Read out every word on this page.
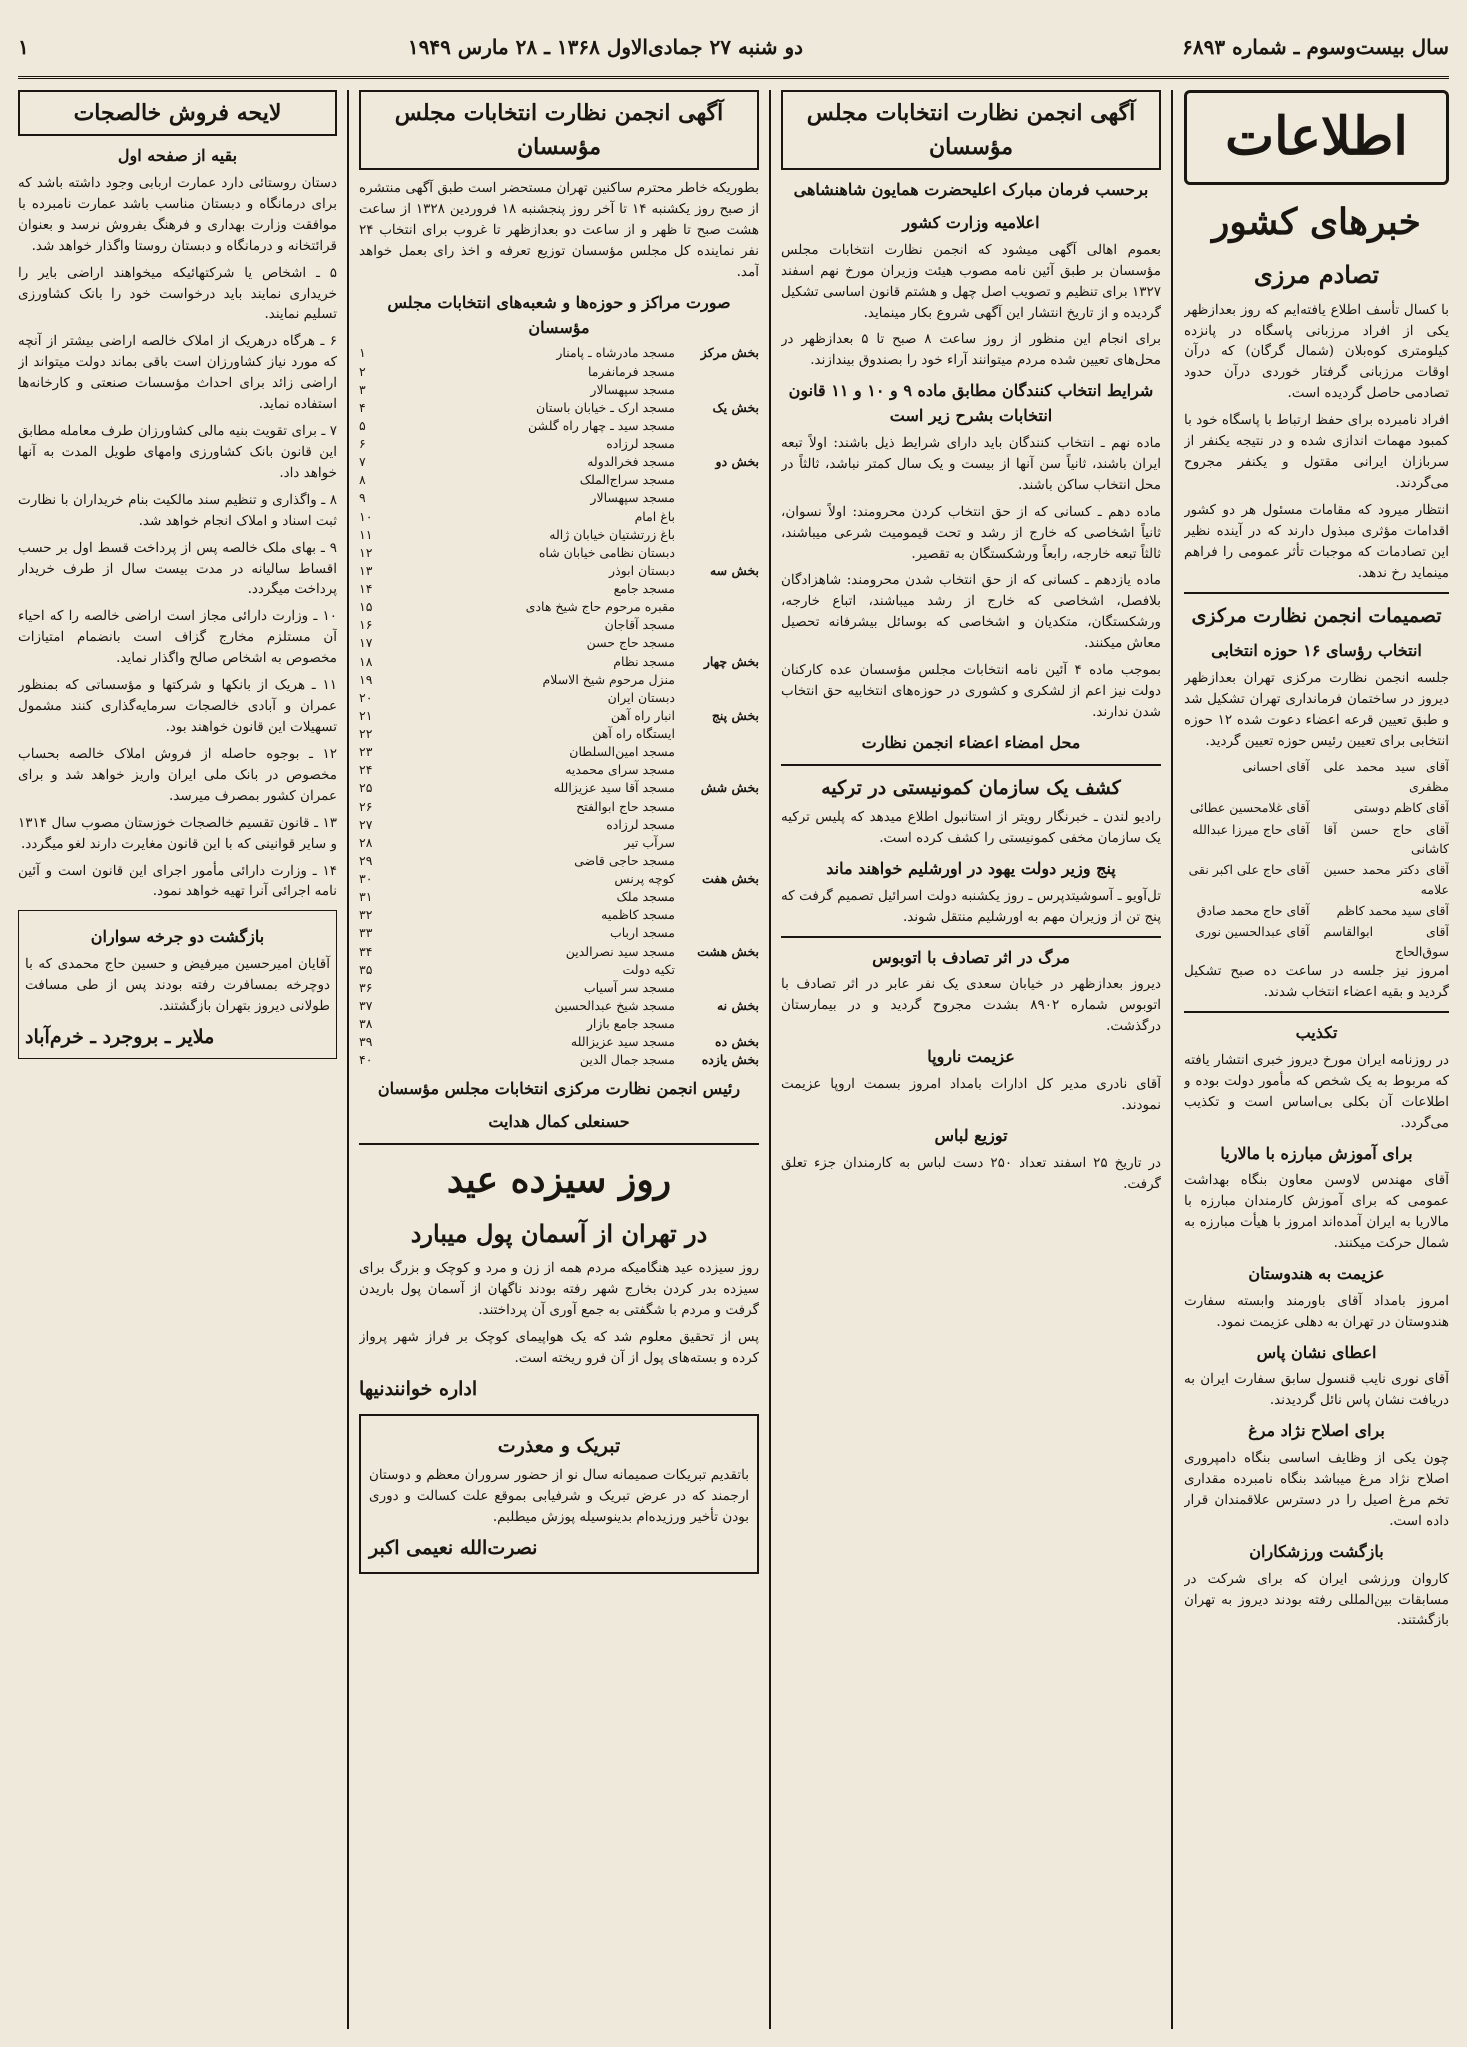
سال بیست‌وسوم ـ شماره ۶۸۹۳
دو شنبه ۲۷ جمادی‌الاول ۱۳۶۸ ـ ۲۸ مارس ۱۹۴۹
۱
اطلاعات
خبرهای کشور
تصادم مرزی

با کسال تأسف اطلاع یافته‌ایم که روز بعدازظهر یکی از افراد مرزبانی پاسگاه در پانزده کیلومتری کوه‌بلان (شمال گرگان) که درآن اوقات مرزبانی گرفتار خوردی درآن حدود تصادمی حاصل گردیده است.

افراد نامبرده برای حفظ ارتباط با پاسگاه خود با کمبود مهمات اندازی شده و در نتیجه یکنفر از سربازان ایرانی مقتول و یکنفر مجروح می‌گردند.

انتظار میرود که مقامات مسئول هر دو کشور اقدامات مؤثری مبذول دارند که در آینده نظیر این تصادمات که موجبات تأثر عمومی را فراهم مینماید رخ ندهد.

تصمیمات انجمن نظارت مرکزی
انتخاب رؤسای ۱۶ حوزه انتخابی

جلسه انجمن نظارت مرکزی تهران بعدازظهر دیروز در ساختمان فرمانداری تهران تشکیل شد و طبق تعیین قرعه اعضاء دعوت شده ۱۲ حوزه انتخابی برای تعیین رئیس حوزه تعیین گردید.

آقای سید محمد علی مظفری
آقای احسانی
آقای کاظم دوستی
آقای غلامحسین عطائی
آقای حاج حسن آقا کاشانی
آقای حاج میرزا عبدالله
آقای دکتر محمد حسین علامه
آقای حاج علی اکبر نقی
آقای سید محمد کاظم
آقای حاج محمد صادق
آقای ابوالقاسم سوق‌الحاج
آقای عبدالحسین نوری

امروز نیز جلسه در ساعت ده صبح تشکیل گردید و بقیه اعضاء انتخاب شدند.

تکذیب

در روزنامه ایران مورخ دیروز خبری انتشار یافته که مربوط به یک شخص که مأمور دولت بوده و اطلاعات آن بکلی بی‌اساس است و تکذیب می‌گردد.

برای آموزش مبارزه با مالاریا

آقای مهندس لاوسن معاون بنگاه بهداشت عمومی که برای آموزش کارمندان مبارزه با مالاریا به ایران آمده‌اند امروز با هیأت مبارزه به شمال حرکت میکنند.

عزیمت به هندوستان

امروز بامداد آقای باورمند وابسته سفارت هندوستان در تهران به دهلی عزیمت نمود.

اعطای نشان پاس

آقای نوری نایب قنسول سابق سفارت ایران به دریافت نشان پاس نائل گردیدند.

برای اصلاح نژاد مرغ

چون یکی از وظایف اساسی بنگاه دامپروری اصلاح نژاد مرغ میباشد بنگاه نامبرده مقداری تخم مرغ اصیل را در دسترس علاقمندان قرار داده است.

بازگشت ورزشکاران

کاروان ورزشی ایران که برای شرکت در مسابقات بین‌المللی رفته بودند دیروز به تهران بازگشتند.

آگهی انجمن نظارت انتخابات مجلس مؤسسان
برحسب فرمان مبارک اعلیحضرت همایون شاهنشاهی
اعلامیه وزارت کشور

بعموم اهالی آگهی میشود که انجمن نظارت انتخابات مجلس مؤسسان بر طبق آئین نامه مصوب هیئت وزیران مورخ نهم اسفند ۱۳۲۷ برای تنظیم و تصویب اصل چهل و هشتم قانون اساسی تشکیل گردیده و از تاریخ انتشار این آگهی شروع بکار مینماید.

برای انجام این منظور از روز ساعت ۸ صبح تا ۵ بعدازظهر در محل‌های تعیین شده مردم میتوانند آراء خود را بصندوق بیندازند.

شرایط انتخاب کنندگان مطابق ماده ۹ و ۱۰ و ۱۱ قانون انتخابات بشرح زیر است

ماده نهم ـ انتخاب کنندگان باید دارای شرایط ذیل باشند: اولاً تبعه ایران باشند، ثانیاً سن آنها از بیست و یک سال کمتر نباشد، ثالثاً در محل انتخاب ساکن باشند.

ماده دهم ـ کسانی که از حق انتخاب کردن محرومند: اولاً نسوان، ثانیاً اشخاصی که خارج از رشد و تحت قیمومیت شرعی میباشند، ثالثاً تبعه خارجه، رابعاً ورشکستگان به تقصیر.

ماده یازدهم ـ کسانی که از حق انتخاب شدن محرومند: شاهزادگان بلافصل، اشخاصی که خارج از رشد میباشند، اتباع خارجه، ورشکستگان، متکدیان و اشخاصی که بوسائل بیشرفانه تحصیل معاش میکنند.

بموجب ماده ۴ آئین نامه انتخابات مجلس مؤسسان عده کارکنان دولت نیز اعم از لشکری و کشوری در حوزه‌های انتخابیه حق انتخاب شدن ندارند.

محل امضاء اعضاء انجمن نظارت
کشف یک سازمان کمونیستی در ترکیه

رادیو لندن ـ خبرنگار رویتر از استانبول اطلاع میدهد که پلیس ترکیه یک سازمان مخفی کمونیستی را کشف کرده است.

پنج وزیر دولت یهود در اورشلیم خواهند ماند

تل‌آویو ـ آسوشیتدپرس ـ روز یکشنبه دولت اسرائیل تصمیم گرفت که پنج تن از وزیران مهم به اورشلیم منتقل شوند.

مرگ در اثر تصادف با اتوبوس

دیروز بعدازظهر در خیابان سعدی یک نفر عابر در اثر تصادف با اتوبوس شماره ۸۹۰۲ بشدت مجروح گردید و در بیمارستان درگذشت.

عزیمت ناروپا

آقای نادری مدیر کل ادارات بامداد امروز بسمت اروپا عزیمت نمودند.

توزیع لباس

در تاریخ ۲۵ اسفند تعداد ۲۵۰ دست لباس به کارمندان جزء تعلق گرفت.

آگهی انجمن نظارت انتخابات مجلس مؤسسان

بطوریکه خاطر محترم ساکنین تهران مستحضر است طبق آگهی منتشره از صبح روز یکشنبه ۱۴ تا آخر روز پنجشنبه ۱۸ فروردین ۱۳۲۸ از ساعت هشت صبح تا ظهر و از ساعت دو بعدازظهر تا غروب برای انتخاب ۲۴ نفر نماینده کل مجلس مؤسسان توزیع تعرفه و اخذ رای بعمل خواهد آمد.

صورت مراکز و حوزه‌ها و شعبه‌های انتخابات مجلس مؤسسان
بخش مرکز
مسجد مادرشاه ـ پامنار
۱
مسجد فرمانفرما
۲
مسجد سپهسالار
۳
بخش یک
مسجد ارک ـ خیابان باستان
۴
مسجد سید ـ چهار راه گلشن
۵
مسجد لرزاده
۶
بخش دو
مسجد فخرالدوله
۷
مسجد سراج‌الملک
۸
مسجد سپهسالار
۹
باغ امام
۱۰
باغ زرتشتیان خیابان ژاله
۱۱
دبستان نظامی خیابان شاه
۱۲
بخش سه
دبستان ابوذر
۱۳
مسجد جامع
۱۴
مقبره مرحوم حاج شیخ هادی
۱۵
مسجد آقاجان
۱۶
مسجد حاج حسن
۱۷
بخش چهار
مسجد نظام
۱۸
منزل مرحوم شیخ الاسلام
۱۹
دبستان ایران
۲۰
بخش پنج
انبار راه آهن
۲۱
ایستگاه راه آهن
۲۲
مسجد امین‌السلطان
۲۳
مسجد سرای محمدیه
۲۴
بخش شش
مسجد آقا سید عزیزالله
۲۵
مسجد حاج ابوالفتح
۲۶
مسجد لرزاده
۲۷
سرآب تیر
۲۸
مسجد حاجی قاضی
۲۹
بخش هفت
کوچه پرنس
۳۰
مسجد ملک
۳۱
مسجد کاظمیه
۳۲
مسجد ارباب
۳۳
بخش هشت
مسجد سید نصرالدین
۳۴
تکیه دولت
۳۵
مسجد سر آسیاب
۳۶
بخش نه
مسجد شیخ عبدالحسین
۳۷
مسجد جامع بازار
۳۸
بخش ده
مسجد سید عزیزالله
۳۹
بخش یازده
مسجد جمال الدین
۴۰
رئیس انجمن نظارت مرکزی انتخابات مجلس مؤسسان
حسنعلی کمال هدایت
روز سیزده عید
در تهران از آسمان پول میبارد

روز سیزده عید هنگامیکه مردم همه از زن و مرد و کوچک و بزرگ برای سیزده بدر کردن بخارج شهر رفته بودند ناگهان از آسمان پول باریدن گرفت و مردم با شگفتی به جمع آوری آن پرداختند.

پس از تحقیق معلوم شد که یک هواپیمای کوچک بر فراز شهر پرواز کرده و بسته‌های پول از آن فرو ریخته است.

اداره خوانندنیها
تبریک و معذرت

باتقدیم تبریکات صمیمانه سال نو از حضور سروران معظم و دوستان ارجمند که در عرض تبریک و شرفیابی بموقع علت کسالت و دوری بودن تأخیر ورزیده‌ام بدینوسیله پوزش میطلبم.

نصرت‌الله نعیمی اکبر
لایحه فروش خالصجات
بقیه از صفحه اول

دستان روستائی دارد عمارت اربابی وجود داشته باشد که برای درمانگاه و دبستان مناسب باشد عمارت نامبرده با موافقت وزارت بهداری و فرهنگ بفروش نرسد و بعنوان قرائتخانه و درمانگاه و دبستان روستا واگذار خواهد شد.

۵ ـ اشخاص یا شرکتهائیکه میخواهند اراضی بایر را خریداری نمایند باید درخواست خود را بانک کشاورزی تسلیم نمایند.

۶ ـ هرگاه درهریک از املاک خالصه اراضی بیشتر از آنچه که مورد نیاز کشاورزان است باقی بماند دولت میتواند از اراضی زائد برای احداث مؤسسات صنعتی و کارخانه‌ها استفاده نماید.

۷ ـ برای تقویت بنیه مالی کشاورزان طرف معامله مطابق این قانون بانک کشاورزی وامهای طویل المدت به آنها خواهد داد.

۸ ـ واگذاری و تنظیم سند مالکیت بنام خریداران با نظارت ثبت اسناد و املاک انجام خواهد شد.

۹ ـ بهای ملک خالصه پس از پرداخت قسط اول بر حسب اقساط سالیانه در مدت بیست سال از طرف خریدار پرداخت میگردد.

۱۰ ـ وزارت دارائی مجاز است اراضی خالصه را که احیاء آن مستلزم مخارج گزاف است بانضمام امتیازات مخصوص به اشخاص صالح واگذار نماید.

۱۱ ـ هریک از بانکها و شرکتها و مؤسساتی که بمنظور عمران و آبادی خالصجات سرمایه‌گذاری کنند مشمول تسهیلات این قانون خواهند بود.

۱۲ ـ بوجوه حاصله از فروش املاک خالصه بحساب مخصوص در بانک ملی ایران واریز خواهد شد و برای عمران کشور بمصرف میرسد.

۱۳ ـ قانون تقسیم خالصجات خوزستان مصوب سال ۱۳۱۴ و سایر قوانینی که با این قانون مغایرت دارند لغو میگردد.

۱۴ ـ وزارت دارائی مأمور اجرای این قانون است و آئین نامه اجرائی آنرا تهیه خواهد نمود.

بازگشت دو جرخه سواران

آقایان امیرحسین میرفیض و حسین حاج محمدی که با دوچرخه بمسافرت رفته بودند پس از طی مسافت طولانی دیروز بتهران بازگشتند.

ملایر ـ بروجرد ـ خرم‌آباد
